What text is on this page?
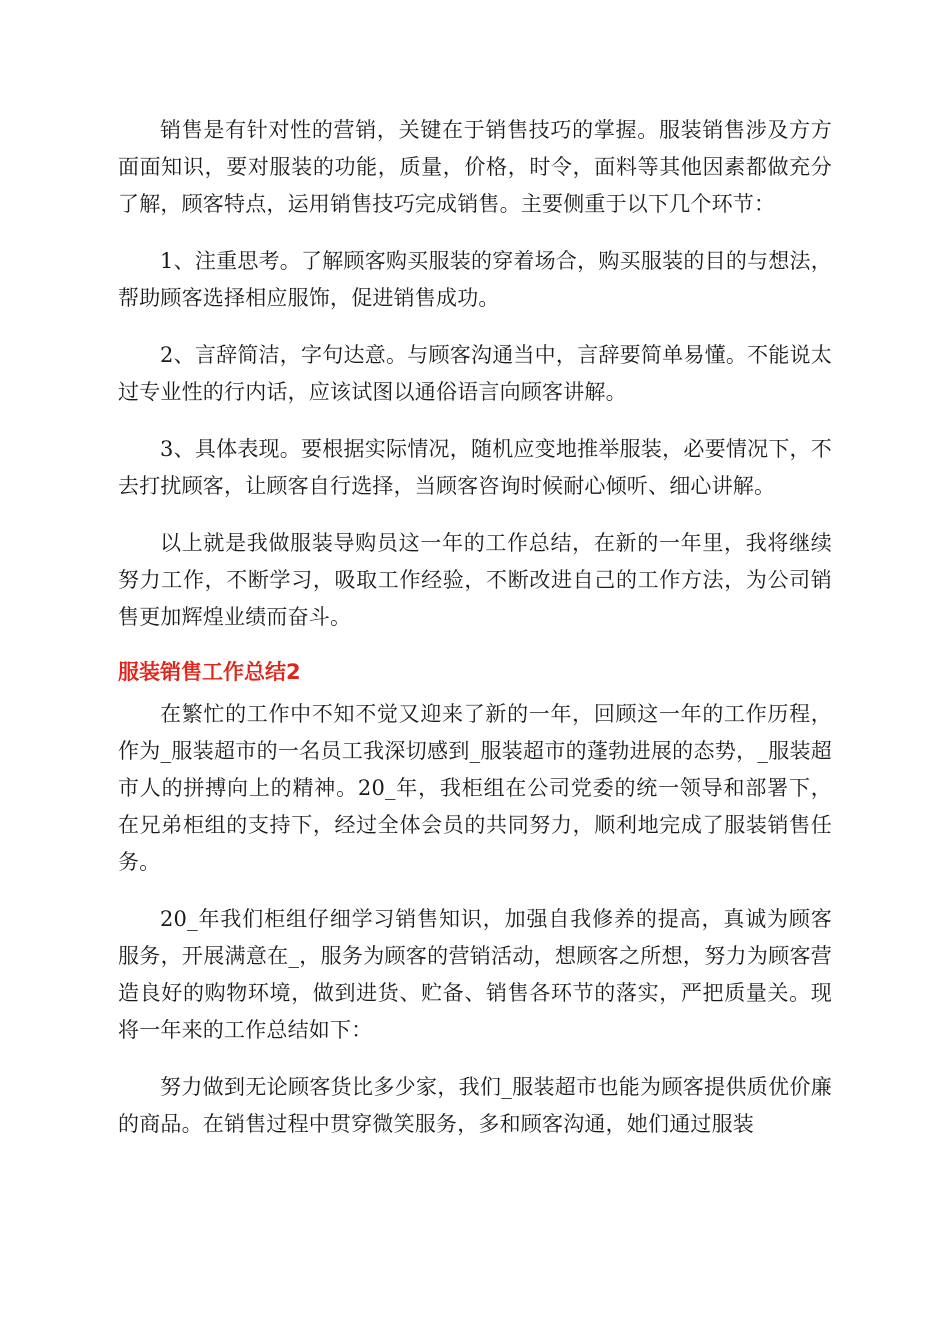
销售是有针对性的营销，关键在于销售技巧的掌握。服装销售涉及方方面面知识，要对服装的功能，质量，价格，时令，面料等其他因素都做充分了解，顾客特点，运用销售技巧完成销售。主要侧重于以下几个环节：

1、注重思考。了解顾客购买服装的穿着场合，购买服装的目的与想法，帮助顾客选择相应服饰，促进销售成功。

2、言辞简洁，字句达意。与顾客沟通当中，言辞要简单易懂。不能说太过专业性的行内话，应该试图以通俗语言向顾客讲解。

3、具体表现。要根据实际情况，随机应变地推举服装，必要情况下，不去打扰顾客，让顾客自行选择，当顾客咨询时候耐心倾听、细心讲解。

以上就是我做服装导购员这一年的工作总结，在新的一年里，我将继续努力工作，不断学习，吸取工作经验，不断改进自己的工作方法，为公司销售更加辉煌业绩而奋斗。

服装销售工作总结2

在繁忙的工作中不知不觉又迎来了新的一年，回顾这一年的工作历程，作为_服装超市的一名员工我深切感到_服装超市的蓬勃进展的态势，_服装超市人的拼搏向上的精神。20_年，我柜组在公司党委的统一领导和部署下，在兄弟柜组的支持下，经过全体会员的共同努力，顺利地完成了服装销售任务。

20_年我们柜组仔细学习销售知识，加强自我修养的提高，真诚为顾客服务，开展满意在_，服务为顾客的营销活动，想顾客之所想，努力为顾客营造良好的购物环境，做到进货、贮备、销售各环节的落实，严把质量关。现将一年来的工作总结如下：

努力做到无论顾客货比多少家，我们_服装超市也能为顾客提供质优价廉的商品。在销售过程中贯穿微笑服务，多和顾客沟通，她们通过服装
